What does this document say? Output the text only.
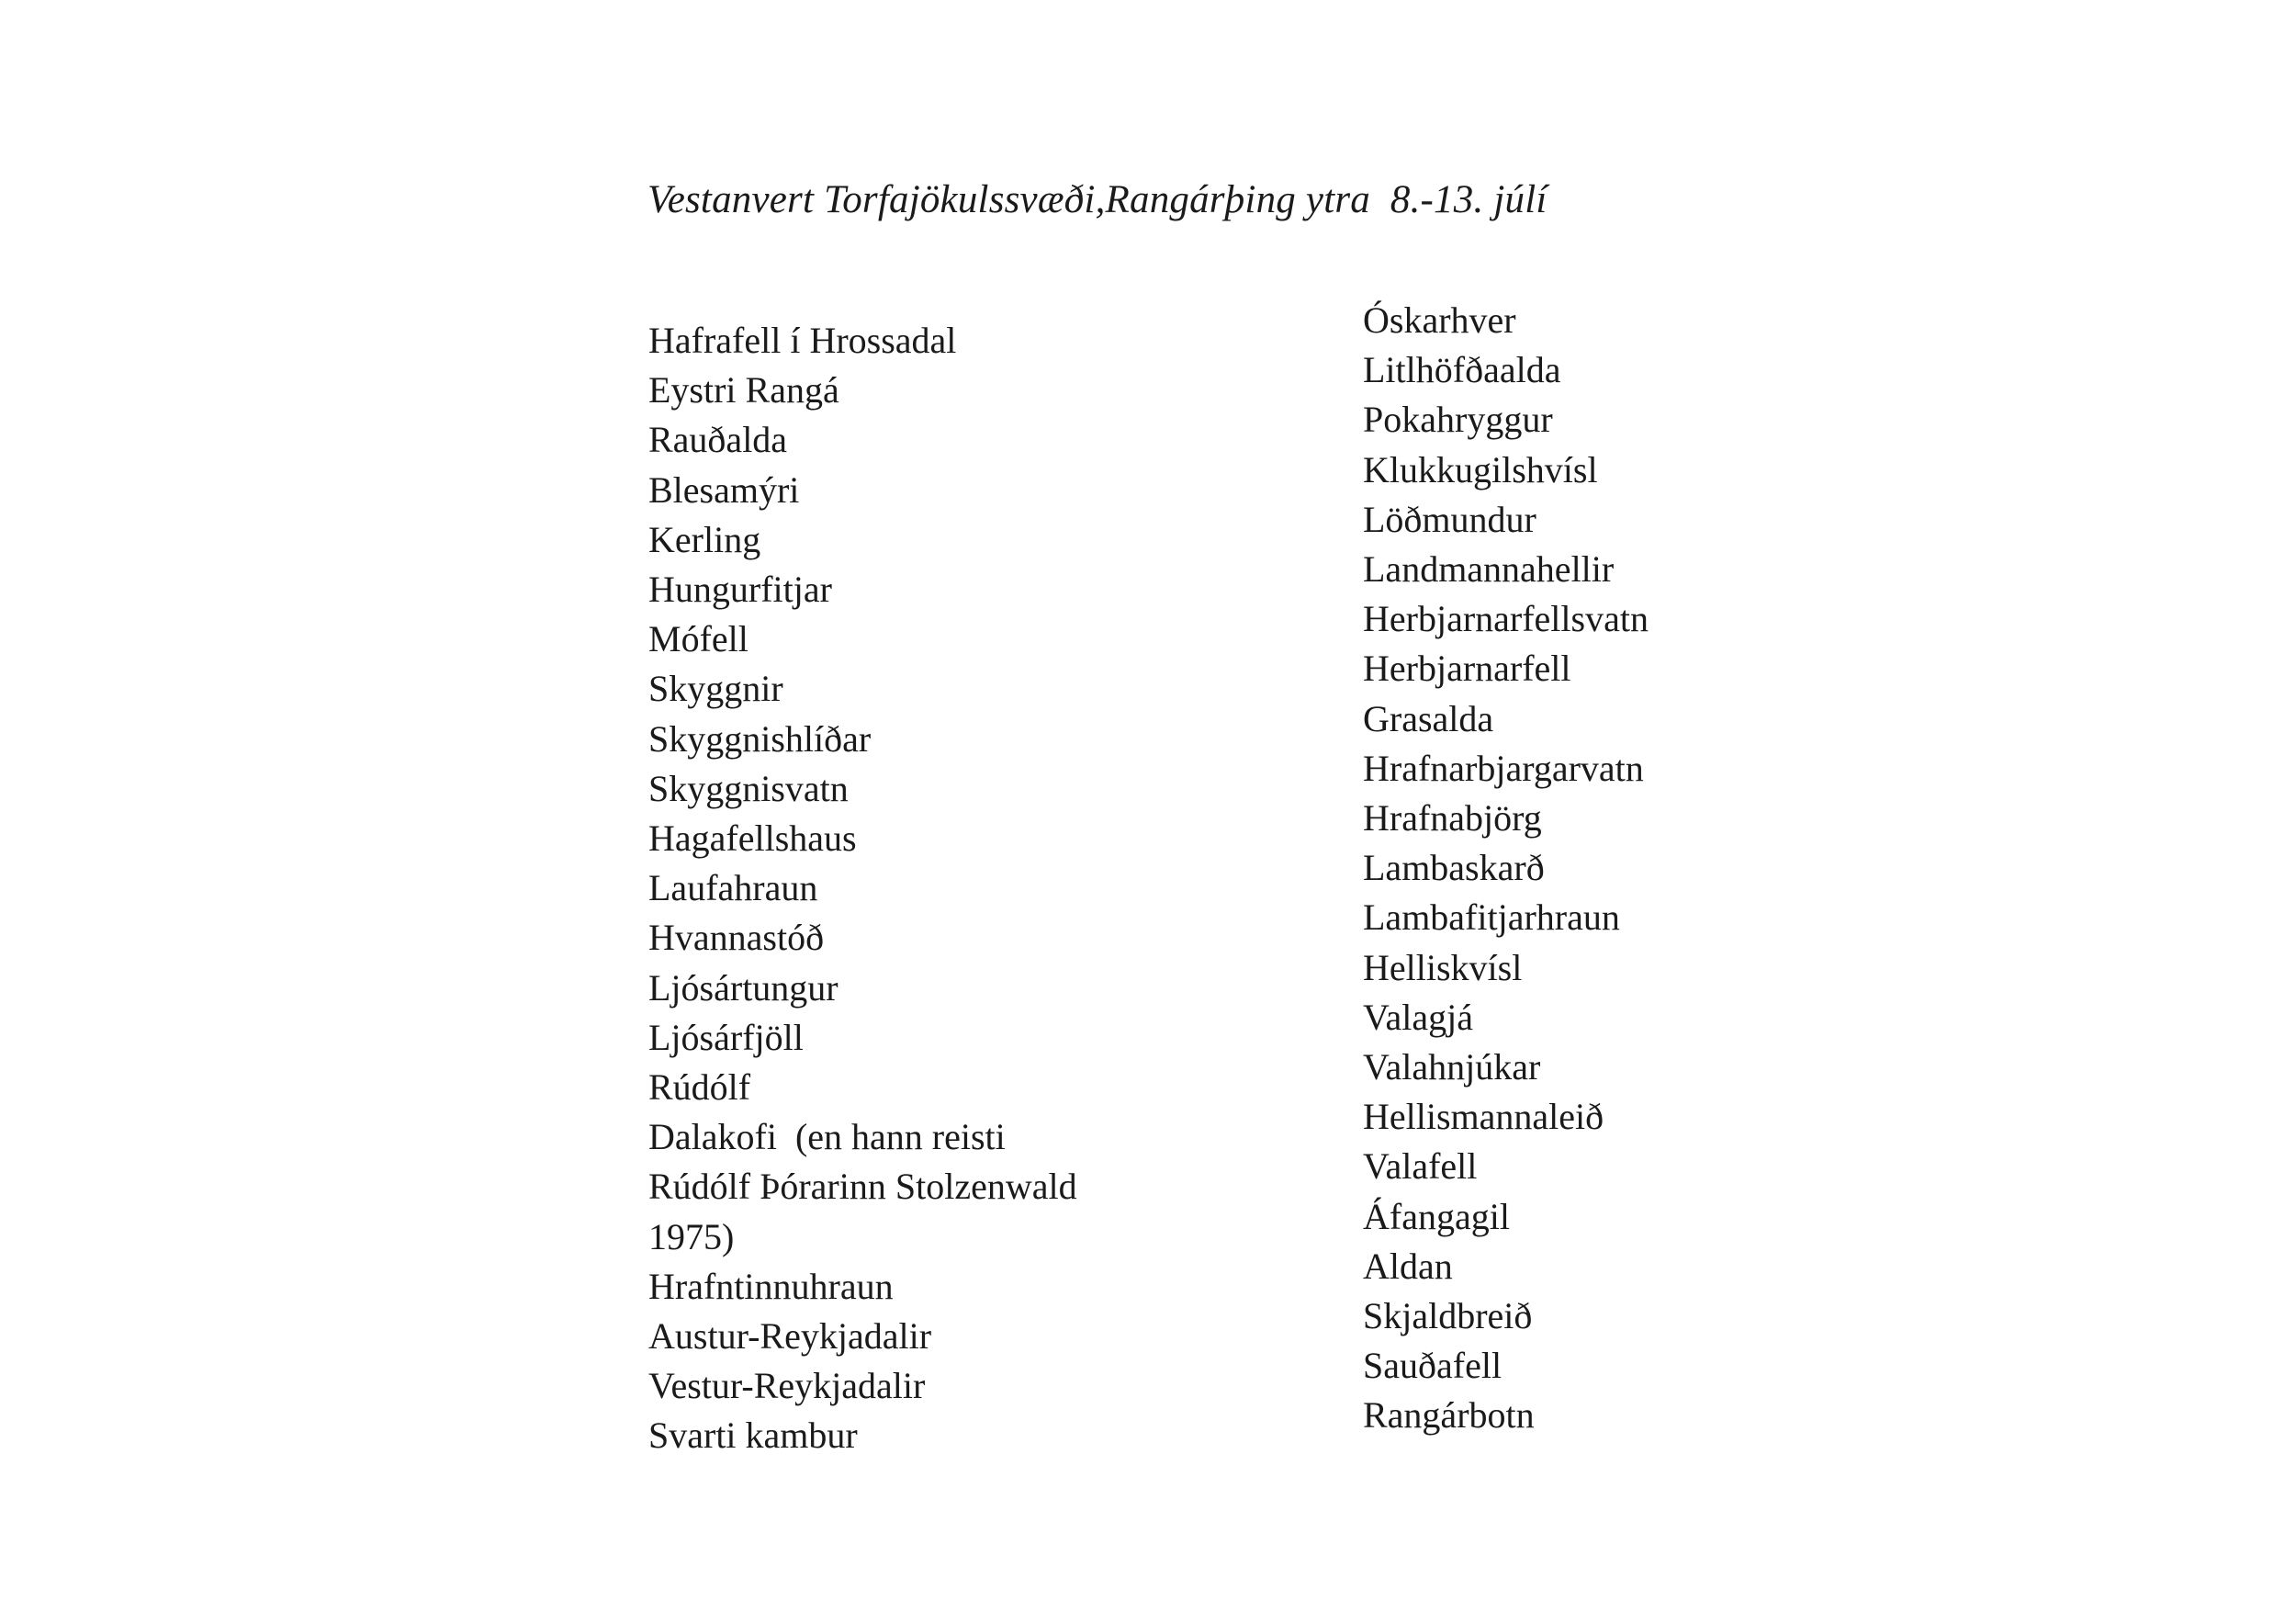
Vestanvert Torfajökulssvæði,Rangárþing ytra  8.-13. júlí
Hafrafell í Hrossadal
Eystri Rangá
Rauðalda
Blesamýri
Kerling
Hungurfitjar
Mófell
Skyggnir
Skyggnishlíðar
Skyggnisvatn
Hagafellshaus
Laufahraun
Hvannastóð
Ljósártungur
Ljósárfjöll
Rúdólf
Dalakofi  (en hann reisti
Rúdólf Þórarinn Stolzenwald
1975)
Hrafntinnuhraun
Austur-Reykjadalir
Vestur-Reykjadalir
Svarti kambur
Óskarhver
Litlhöfðaalda
Pokahryggur
Klukkugilshvísl
Löðmundur
Landmannahellir
Herbjarnarfellsvatn
Herbjarnarfell
Grasalda
Hrafnarbjargarvatn
Hrafnabjörg
Lambaskarð
Lambafitjarhraun
Helliskvísl
Valagjá
Valahnjúkar
Hellismannaleið
Valafell
Áfangagil
Aldan
Skjaldbreið
Sauðafell
Rangárbotn
